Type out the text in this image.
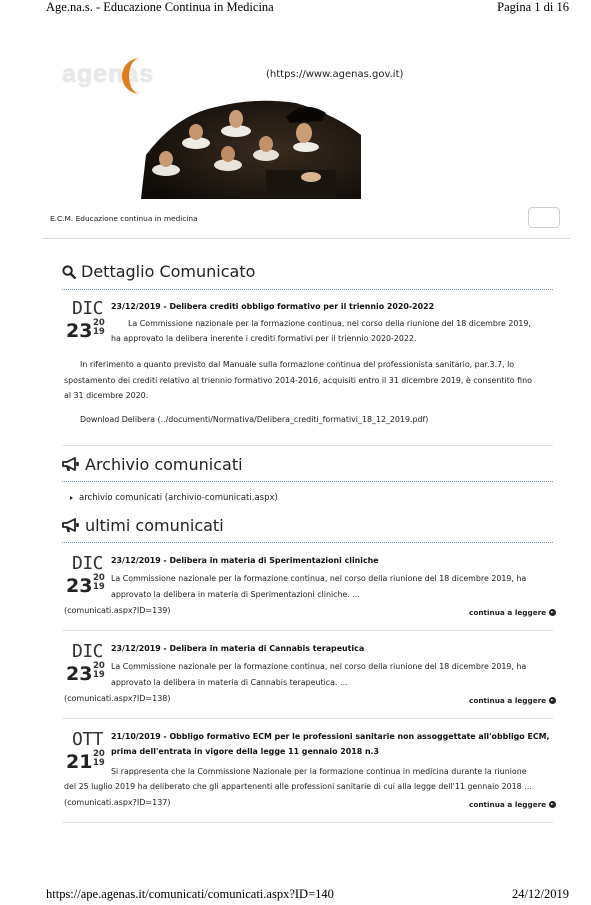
Age.na.s. - Educazione Continua in Medicina	Pagina 1 di 16
agenas	(https://www.agenas.gov.it)
E.C.M. Educazione continua in medicina
Dettaglio Comunicato
DIC
23 20
19
23/12/2019 - Delibera crediti obbligo formativo per il triennio 2020-2022
La Commissione nazionale per la formazione continua, nel corso della riunione del 18 dicembre 2019,
ha approvato la delibera inerente i crediti formativi per il triennio 2020-2022.
In riferimento a quanto previsto dal Manuale sulla formazione continua del professionista sanitario, par.3.7, lo
spostamento dei crediti relativo al triennio formativo 2014-2016, acquisiti entro il 31 dicembre 2019, è consentito fino
al 31 dicembre 2020.
Download Delibera (../documenti/Normativa/Delibera_crediti_formativi_18_12_2019.pdf)
Archivio comunicati
archivio comunicati (archivio-comunicati.aspx)
ultimi comunicati
DIC
23 20
19
23/12/2019 - Delibera in materia di Sperimentazioni cliniche
La Commissione nazionale per la formazione continua, nel corso della riunione del 18 dicembre 2019, ha
approvato la delibera in materia di Sperimentazioni cliniche. ...
(comunicati.aspx?ID=139)	continua a leggere
DIC
23 20
19
23/12/2019 - Delibera in materia di Cannabis terapeutica
La Commissione nazionale per la formazione continua, nel corso della riunione del 18 dicembre 2019, ha
approvato la delibera in materia di Cannabis terapeutica. ...
(comunicati.aspx?ID=138)	continua a leggere
OTT
21 20
19
21/10/2019 - Obbligo formativo ECM per le professioni sanitarie non assoggettate all'obbligo ECM,
prima dell'entrata in vigore della legge 11 gennaio 2018 n.3
Si rappresenta che la Commissione Nazionale per la formazione continua in medicina durante la riunione
del 25 luglio 2019 ha deliberato che gli appartenenti alle professioni sanitarie di cui alla legge dell'11 gennaio 2018 ...
(comunicati.aspx?ID=137)	continua a leggere
https://ape.agenas.it/comunicati/comunicati.aspx?ID=140	24/12/2019
